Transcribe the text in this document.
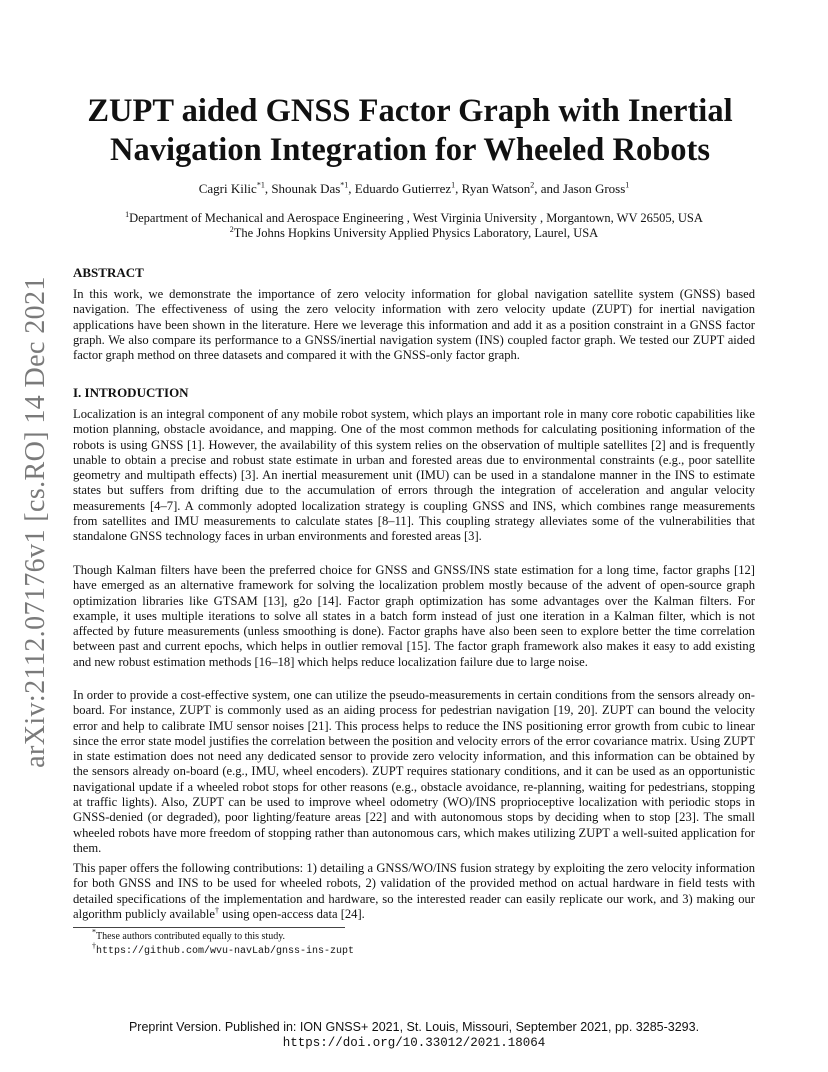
arXiv:2112.07176v1 [cs.RO] 14 Dec 2021
ZUPT aided GNSS Factor Graph with Inertial
Navigation Integration for Wheeled Robots
Cagri Kilic$^{*1}$, Shounak Das$^{*1}$, Eduardo Gutierrez$^1$, Ryan Watson$^2$, and Jason Gross$^1$
$^1$Department of Mechanical and Aerospace Engineering , West Virginia University , Morgantown, WV 26505, USA
$^2$The Johns Hopkins University Applied Physics Laboratory, Laurel, USA
ABSTRACT

In this work, we demonstrate the importance of zero velocity information for global navigation satellite system (GNSS) based navigation. The effectiveness of using the zero velocity information with zero velocity update (ZUPT) for inertial navigation applications have been shown in the literature. Here we leverage this information and add it as a position constraint in a GNSS factor graph. We also compare its performance to a GNSS/inertial navigation system (INS) coupled factor graph. We tested our ZUPT aided factor graph method on three datasets and compared it with the GNSS-only factor graph.

I. INTRODUCTION

Localization is an integral component of any mobile robot system, which plays an important role in many core robotic capabilities like motion planning, obstacle avoidance, and mapping. One of the most common methods for calculating positioning information of the robots is using GNSS [1]. However, the availability of this system relies on the observation of multiple satellites [2] and is frequently unable to obtain a precise and robust state estimate in urban and forested areas due to environmental constraints (e.g., poor satellite geometry and multipath effects) [3]. An inertial measurement unit (IMU) can be used in a standalone manner in the INS to estimate states but suffers from drifting due to the accumulation of errors through the integration of acceleration and angular velocity measurements [4–7]. A commonly adopted localization strategy is coupling GNSS and INS, which combines range measurements from satellites and IMU measurements to calculate states [8–11]. This coupling strategy alleviates some of the vulnerabilities that standalone GNSS technology faces in urban environments and forested areas [3].

Though Kalman filters have been the preferred choice for GNSS and GNSS/INS state estimation for a long time, factor graphs [12] have emerged as an alternative framework for solving the localization problem mostly because of the advent of open-source graph optimization libraries like GTSAM [13], g2o [14]. Factor graph optimization has some advantages over the Kalman filters. For example, it uses multiple iterations to solve all states in a batch form instead of just one iteration in a Kalman filter, which is not affected by future measurements (unless smoothing is done). Factor graphs have also been seen to explore better the time correlation between past and current epochs, which helps in outlier removal [15]. The factor graph framework also makes it easy to add existing and new robust estimation methods [16–18] which helps reduce localization failure due to large noise.

In order to provide a cost-effective system, one can utilize the pseudo-measurements in certain conditions from the sensors already on-board. For instance, ZUPT is commonly used as an aiding process for pedestrian navigation [19, 20]. ZUPT can bound the velocity error and help to calibrate IMU sensor noises [21]. This process helps to reduce the INS positioning error growth from cubic to linear since the error state model justifies the correlation between the position and velocity errors of the error covariance matrix. Using ZUPT in state estimation does not need any dedicated sensor to provide zero velocity information, and this information can be obtained by the sensors already on-board (e.g., IMU, wheel encoders). ZUPT requires stationary conditions, and it can be used as an opportunistic navigational update if a wheeled robot stops for other reasons (e.g., obstacle avoidance, re-planning, waiting for pedestrians, stopping at traffic lights). Also, ZUPT can be used to improve wheel odometry (WO)/INS proprioceptive localization with periodic stops in GNSS-denied (or degraded), poor lighting/feature areas [22] and with autonomous stops by deciding when to stop [23]. The small wheeled robots have more freedom of stopping rather than autonomous cars, which makes utilizing ZUPT a well-suited application for them.

This paper offers the following contributions: 1) detailing a GNSS/WO/INS fusion strategy by exploiting the zero velocity information for both GNSS and INS to be used for wheeled robots, 2) validation of the provided method on actual hardware in field tests with detailed specifications of the implementation and hardware, so the interested reader can easily replicate our work, and 3) making our algorithm publicly available† using open-access data [24].

*These authors contributed equally to this study.
†https://github.com/wvu-navLab/gnss-ins-zupt
Preprint Version. Published in: ION GNSS+ 2021, St. Louis, Missouri, September 2021, pp. 3285-3293.
https://doi.org/10.33012/2021.18064
